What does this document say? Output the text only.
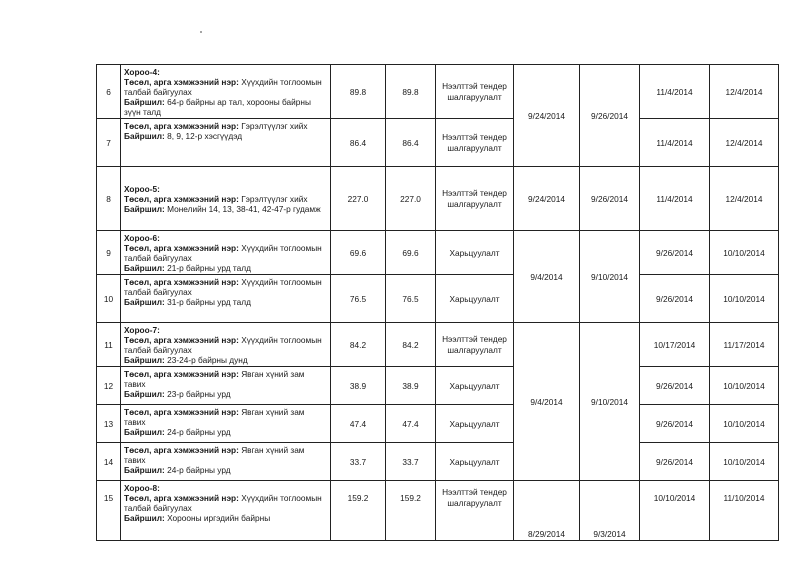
6	Хороо-4:
Төсөл, арга хэмжээний нэр: Хүүхдийн тоглоомын талбай байгуулах
Байршил: 64-р байрны ар тал, хорооны байрны зүүн талд	89.8	89.8	Нээлттэй тендер шалгаруулалт	9/24/2014	9/26/2014	11/4/2014	12/4/2014
7	Төсөл, арга хэмжээний нэр: Гэрэлтүүлэг хийх
Байршил: 8, 9, 12-р хэсгүүдэд	86.4	86.4	Нээлттэй тендер шалгаруулалт			11/4/2014	12/4/2014
8	Хороо-5:
Төсөл, арга хэмжээний нэр: Гэрэлтүүлэг хийх
Байршил: Монелийн 14, 13, 38-41, 42-47-р гудамж	227.0	227.0	Нээлттэй тендер шалгаруулалт	9/24/2014	9/26/2014	11/4/2014	12/4/2014
9	Хороо-6:
Төсөл, арга хэмжээний нэр: Хүүхдийн тоглоомын талбай байгуулах
Байршил: 21-р байрны урд талд	69.6	69.6	Харьцуулалт	9/4/2014	9/10/2014	9/26/2014	10/10/2014
10	Төсөл, арга хэмжээний нэр: Хүүхдийн тоглоомын талбай байгуулах
Байршил: 31-р байрны урд талд	76.5	76.5	Харьцуулалт			9/26/2014	10/10/2014
11	Хороо-7:
Төсөл, арга хэмжээний нэр: Хүүхдийн тоглоомын талбай байгуулах
Байршил: 23-24-р байрны дунд	84.2	84.2	Нээлттэй тендер шалгаруулалт	9/4/2014	9/10/2014	10/17/2014	11/17/2014
12	Төсөл, арга хэмжээний нэр: Явган хүний зам тавих
Байршил: 23-р байрны урд	38.9	38.9	Харьцуулалт			9/26/2014	10/10/2014
13	Төсөл, арга хэмжээний нэр: Явган хүний зам тавих
Байршил: 24-р байрны урд	47.4	47.4	Харьцуулалт			9/26/2014	10/10/2014
14	Төсөл, арга хэмжээний нэр: Явган хүний зам тавих
Байршил: 24-р байрны урд	33.7	33.7	Харьцуулалт			9/26/2014	10/10/2014
15	Хороо-8:
Төсөл, арга хэмжээний нэр: Хүүхдийн тоглоомын талбай байгуулах
Байршил: Хорооны иргэдийн байрны	159.2	159.2	Нээлттэй тендер шалгаруулалт	8/29/2014	9/3/2014	10/10/2014	11/10/2014
